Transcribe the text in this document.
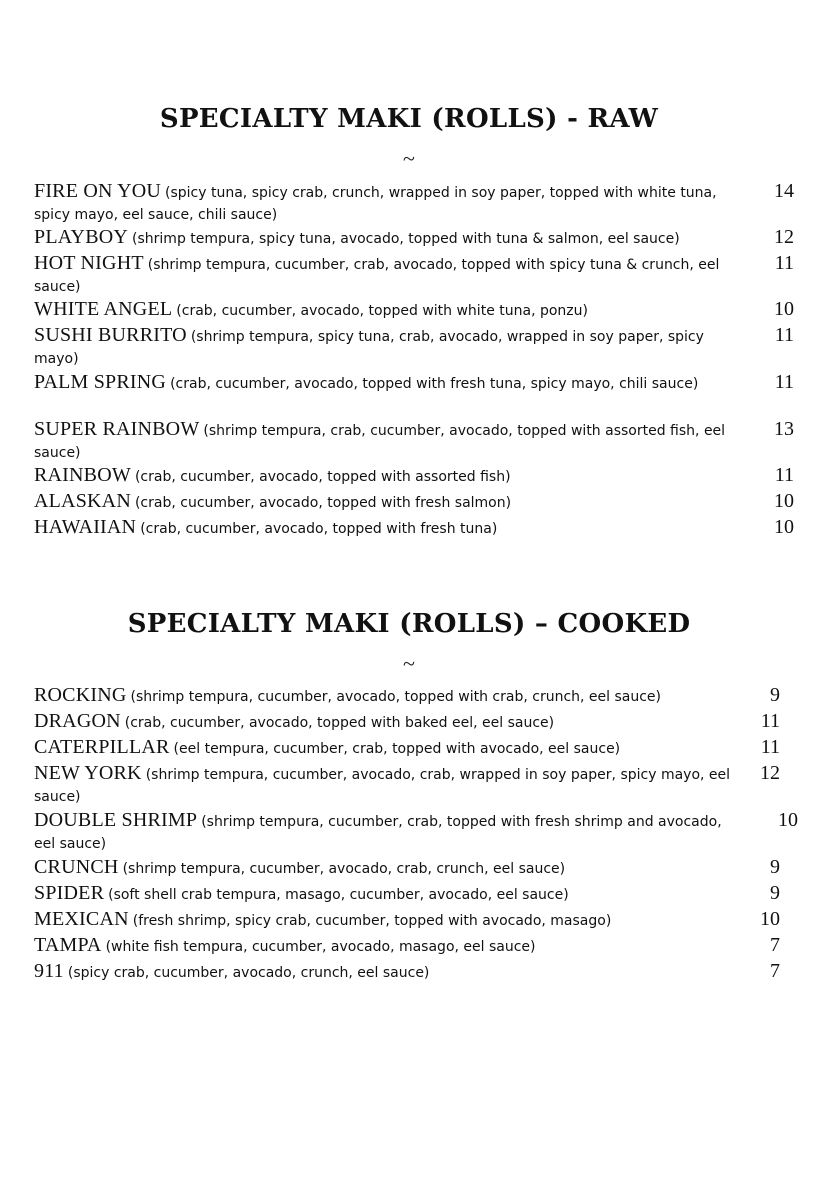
SPECIALTY MAKI (ROLLS) - RAW
~
FIRE ON YOU (spicy tuna, spicy crab, crunch, wrapped in soy paper, topped with white tuna, spicy mayo, eel sauce, chili sauce)
14
PLAYBOY (shrimp tempura, spicy tuna, avocado, topped with tuna & salmon, eel sauce)	12
HOT NIGHT (shrimp tempura, cucumber, crab, avocado, topped with spicy tuna & crunch, eel sauce)
11
WHITE ANGEL (crab, cucumber, avocado, topped with white tuna, ponzu)	10
SUSHI BURRITO (shrimp tempura, spicy tuna, crab, avocado, wrapped in soy paper, spicy mayo)
11
PALM SPRING (crab, cucumber, avocado, topped with fresh tuna, spicy mayo, chili sauce)	11
SUPER RAINBOW (shrimp tempura, crab, cucumber, avocado, topped with assorted fish, eel sauce)
13
RAINBOW (crab, cucumber, avocado, topped with assorted fish)	11
ALASKAN (crab, cucumber, avocado, topped with fresh salmon)	10
HAWAIIAN (crab, cucumber, avocado, topped with fresh tuna)	10
SPECIALTY MAKI (ROLLS) – COOKED
~
ROCKING (shrimp tempura, cucumber, avocado, topped with crab, crunch, eel sauce)	9
DRAGON (crab, cucumber, avocado, topped with baked eel, eel sauce)	11
CATERPILLAR (eel tempura, cucumber, crab, topped with avocado, eel sauce)	11
NEW YORK (shrimp tempura, cucumber, avocado, crab, wrapped in soy paper, spicy mayo, eel sauce)
12
DOUBLE SHRIMP (shrimp tempura, cucumber, crab, topped with fresh shrimp and avocado, eel sauce)
10
CRUNCH (shrimp tempura, cucumber, avocado, crab, crunch, eel sauce)	9
SPIDER (soft shell crab tempura, masago, cucumber, avocado, eel sauce)	9
MEXICAN (fresh shrimp, spicy crab, cucumber, topped with avocado, masago)	10
TAMPA (white fish tempura, cucumber, avocado, masago, eel sauce)	7
911 (spicy crab, cucumber, avocado, crunch, eel sauce)	7
